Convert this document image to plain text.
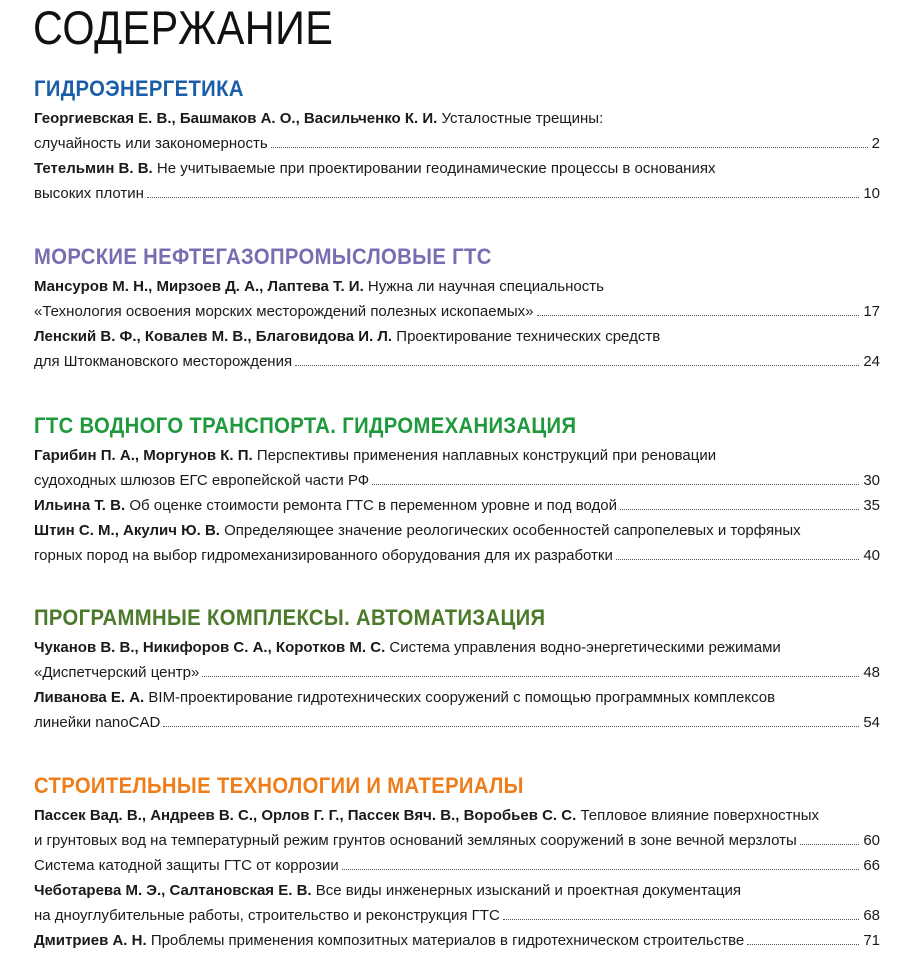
СОДЕРЖАНИЕ
ГИДРОЭНЕРГЕТИКА
Георгиевская Е. В., Башмаков А. О., Васильченко К. И. Усталостные трещины:
случайность или закономерность	2
Тетельмин В. В. Не учитываемые при проектировании геодинамические процессы в основаниях
высоких плотин	10
МОРСКИЕ НЕФТЕГАЗОПРОМЫСЛОВЫЕ ГТС
Мансуров М. Н., Мирзоев Д. А., Лаптева Т. И. Нужна ли научная специальность
«Технология освоения морских месторождений полезных ископаемых»	17
Ленский В. Ф., Ковалев М. В., Благовидова И. Л. Проектирование технических средств
для Штокмановского месторождения	24
ГТС ВОДНОГО ТРАНСПОРТА. ГИДРОМЕХАНИЗАЦИЯ
Гарибин П. А., Моргунов К. П. Перспективы применения наплавных конструкций при реновации
судоходных шлюзов ЕГС европейской части РФ	30
Ильина Т. В. Об оценке стоимости ремонта ГТС в переменном уровне и под водой	35
Штин С. М., Акулич Ю. В. Определяющее значение реологических особенностей сапропелевых и торфяных
горных пород на выбор гидромеханизированного оборудования для их разработки	40
ПРОГРАММНЫЕ КОМПЛЕКСЫ. АВТОМАТИЗАЦИЯ
Чуканов В. В., Никифоров С. А., Коротков М. С. Система управления водно-энергетическими режимами
«Диспетчерский центр»	48
Ливанова Е. А. BIM-проектирование гидротехнических сооружений с помощью программных комплексов
линейки nanoCAD	54
СТРОИТЕЛЬНЫЕ ТЕХНОЛОГИИ И МАТЕРИАЛЫ
Пассек Вад. В., Андреев В. С., Орлов Г. Г., Пассек Вяч. В., Воробьев С. С. Тепловое влияние поверхностных
и грунтовых вод на температурный режим грунтов оснований земляных сооружений в зоне вечной мерзлоты	60
Система катодной защиты ГТС от коррозии	66
Чеботарева М. Э., Салтановская Е. В. Все виды инженерных изысканий и проектная документация
на дноуглубительные работы, строительство и реконструкция ГТС	68
Дмитриев А. Н. Проблемы применения композитных материалов в гидротехническом строительстве	71
